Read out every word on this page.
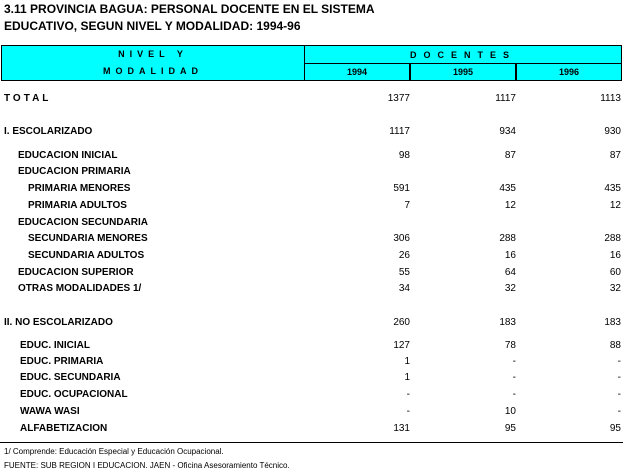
3.11 PROVINCIA BAGUA: PERSONAL DOCENTE EN EL SISTEMA
EDUCATIVO, SEGUN NIVEL Y MODALIDAD: 1994-96
NIVEL Y
MODALIDAD
DOCENTES
1994	1995	1996
TOTAL	1377	1117	1113
I. ESCOLARIZADO	1117	934	930
EDUCACION INICIAL	98	87	87
EDUCACION PRIMARIA
PRIMARIA MENORES	591	435	435
PRIMARIA ADULTOS	7	12	12
EDUCACION SECUNDARIA
SECUNDARIA MENORES	306	288	288
SECUNDARIA ADULTOS	26	16	16
EDUCACION SUPERIOR	55	64	60
OTRAS MODALIDADES 1/	34	32	32
II. NO ESCOLARIZADO	260	183	183
EDUC. INICIAL	127	78	88
EDUC. PRIMARIA	1	-	-
EDUC. SECUNDARIA	1	-	-
EDUC. OCUPACIONAL	-	-	-
WAWA WASI	-	10	-
ALFABETIZACION	131	95	95
1/ Comprende: Educación Especial y Educación Ocupacional.
FUENTE: SUB REGION I EDUCACION. JAEN - Oficina Asesoramiento Técnico.
